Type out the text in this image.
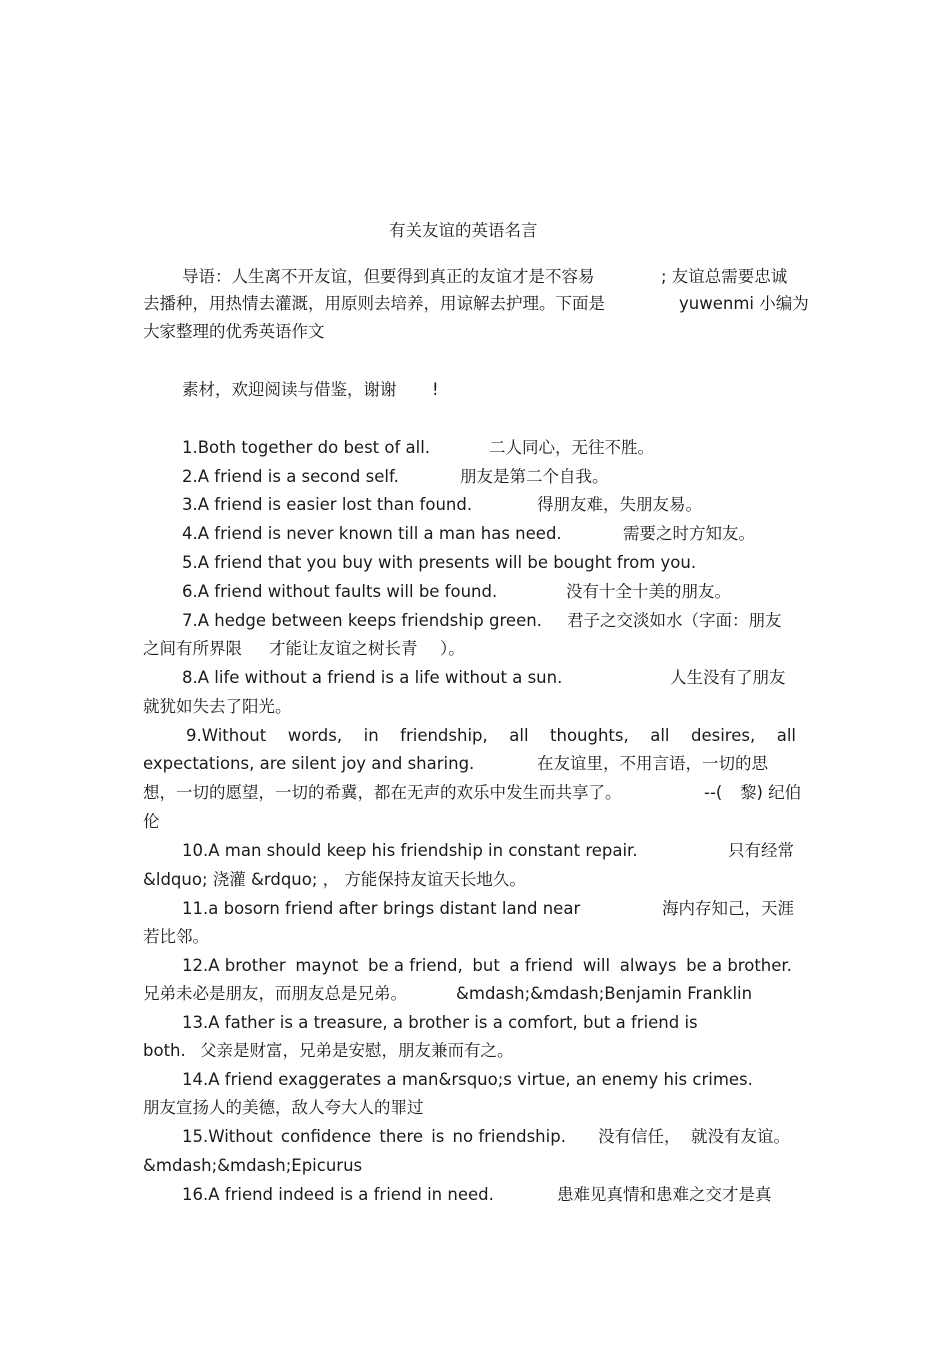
有关友谊的英语名言
导语：人生离不开友谊，但要得到真正的友谊才是不容易	; 友谊总需要忠诚
去播种，用热情去灌溉，用原则去培养，用谅解去护理。下面是	yuwenmi 小编为
大家整理的优秀英语作文
素材，欢迎阅读与借鉴，谢谢 !
1.Both together do best of all.	二人同心，无往不胜。
2.A friend is a second self.	朋友是第二个自我。
3.A friend is easier lost than found.	得朋友难，失朋友易。
4.A friend is never known till a man has need.	需要之时方知友。
5.A friend that you buy with presents will be bought from you.
6.A friend without faults will be found.	没有十全十美的朋友。
7.A hedge between keeps friendship green. 君子之交淡如水（字面：朋友
之间有所界限 才能让友谊之树长青 ）。
8.A life without a friend is a life without a sun.	人生没有了朋友
就犹如失去了阳光。
9.Without words, in friendship, all thoughts, all desires, all
expectations, are silent joy and sharing.	在友谊里，不用言语，一切的思
想，一切的愿望，一切的希冀，都在无声的欢乐中发生而共享了。	--( 黎) 纪伯
伦
10.A man should keep his friendship in constant repair.	只有经常
&ldquo; 浇灌 &rdquo; ， 方能保持友谊天长地久。
11.a bosorn friend after brings distant land near	海内存知己，天涯
若比邻。
12.A brother maynot be a friend, but a friend will always be a brother.
兄弟未必是朋友，而朋友总是兄弟。	&mdash;&mdash;Benjamin Franklin
13.A father is a treasure, a brother is a comfort, but a friend is
both. 父亲是财富，兄弟是安慰，朋友兼而有之。
14.A friend exaggerates a man&rsquo;s virtue, an enemy his crimes.
朋友宣扬人的美德，敌人夸大人的罪过
15.Without confidence there is no friendship. 没有信任，  就没有友谊。
&mdash;&mdash;Epicurus
16.A friend indeed is a friend in need.	患难见真情和患难之交才是真
